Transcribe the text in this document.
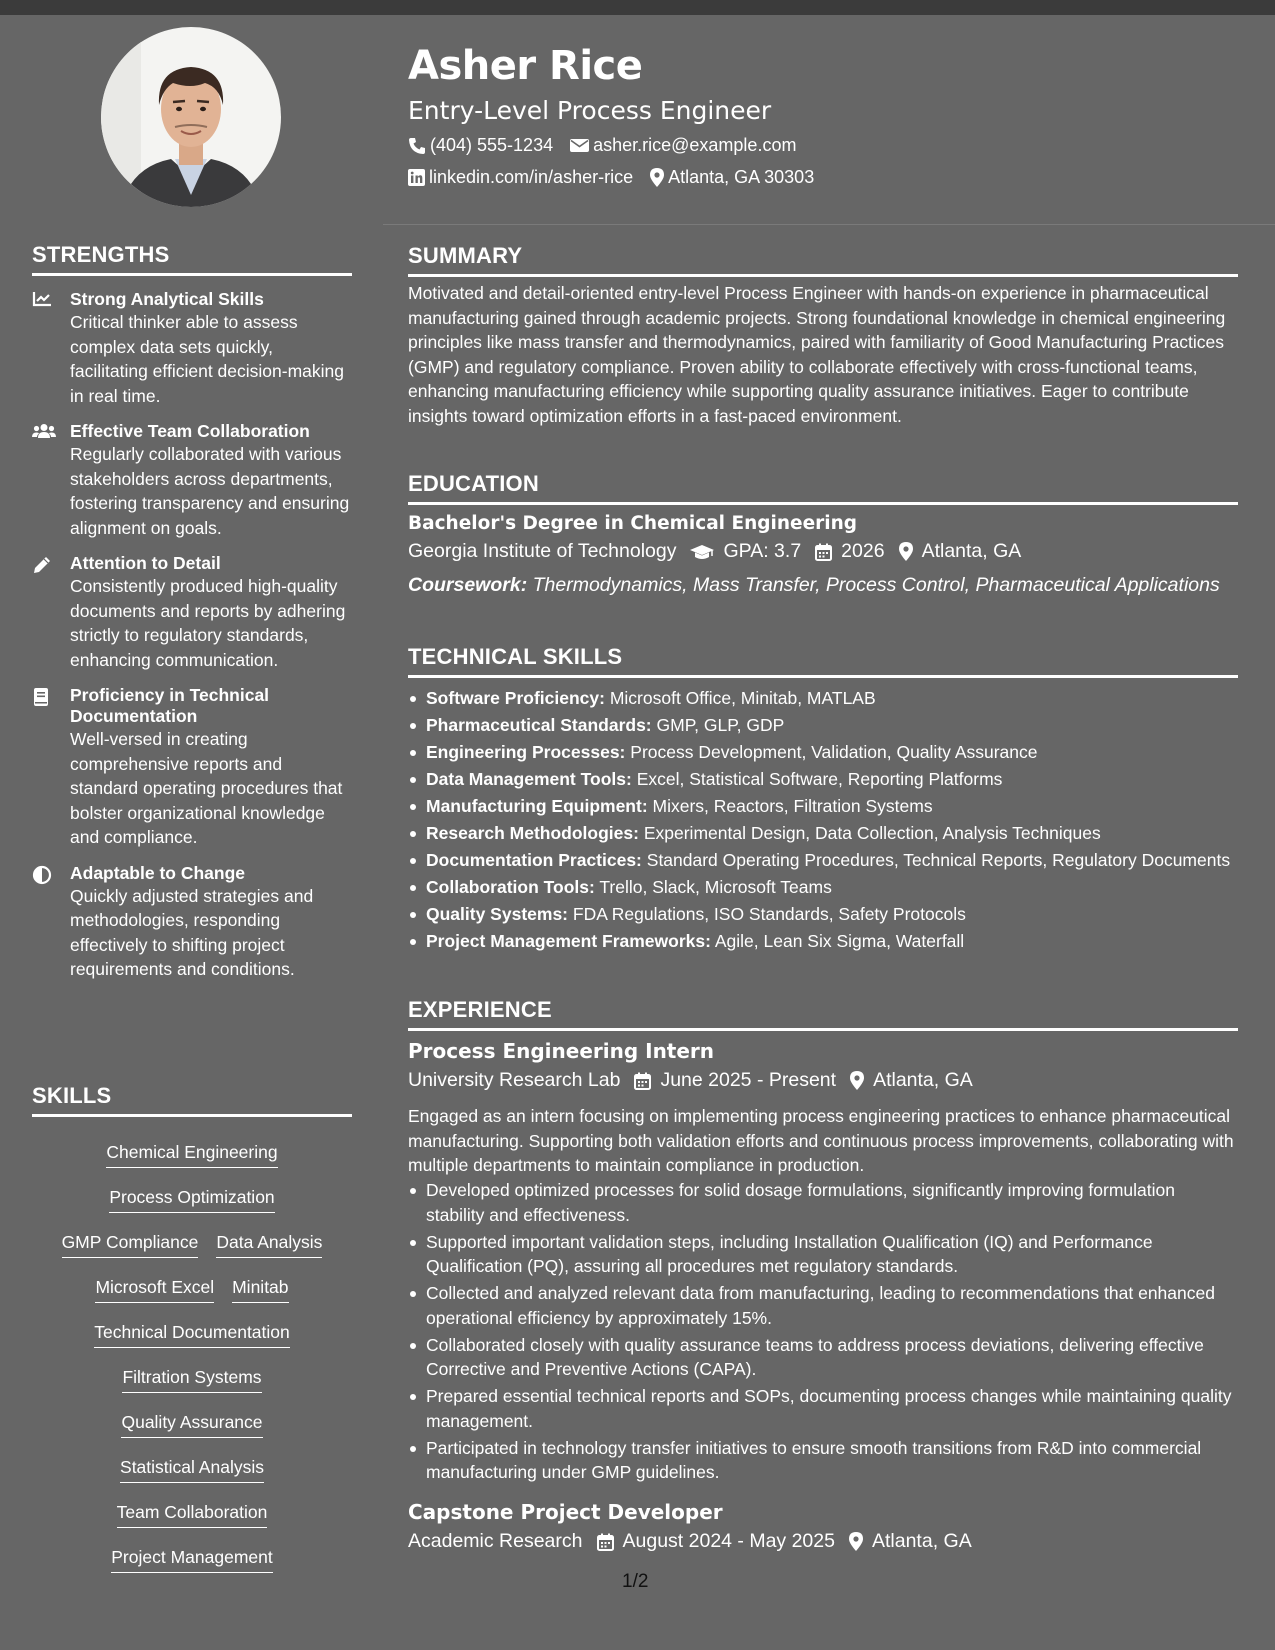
STRENGTHS
Strong Analytical Skills
Critical thinker able to assess complex data sets quickly, facilitating efficient decision-making in real time.
Effective Team Collaboration
Regularly collaborated with various stakeholders across departments, fostering transparency and ensuring alignment on goals.
Attention to Detail
Consistently produced high-quality documents and reports by adhering strictly to regulatory standards, enhancing communication.
Proficiency in Technical Documentation
Well-versed in creating comprehensive reports and standard operating procedures that bolster organizational knowledge and compliance.
Adaptable to Change
Quickly adjusted strategies and methodologies, responding effectively to shifting project requirements and conditions.
SKILLS
Chemical Engineering
Process Optimization
GMP Compliance Data Analysis
Microsoft Excel Minitab
Technical Documentation
Filtration Systems
Quality Assurance
Statistical Analysis
Team Collaboration
Project Management
Asher Rice
Entry-Level Process Engineer
(404) 555-1234 asher.rice@example.com
linkedin.com/in/asher-rice Atlanta, GA 30303
SUMMARY
Motivated and detail-oriented entry-level Process Engineer with hands-on experience in pharmaceutical manufacturing gained through academic projects. Strong foundational knowledge in chemical engineering principles like mass transfer and thermodynamics, paired with familiarity of Good Manufacturing Practices (GMP) and regulatory compliance. Proven ability to collaborate effectively with cross-functional teams, enhancing manufacturing efficiency while supporting quality assurance initiatives. Eager to contribute insights toward optimization efforts in a fast-paced environment.
EDUCATION
Bachelor's Degree in Chemical Engineering
Georgia Institute of Technology GPA: 3.7 2026 Atlanta, GA
Coursework: Thermodynamics, Mass Transfer, Process Control, Pharmaceutical Applications
TECHNICAL SKILLS
Software Proficiency: Microsoft Office, Minitab, MATLAB
Pharmaceutical Standards: GMP, GLP, GDP
Engineering Processes: Process Development, Validation, Quality Assurance
Data Management Tools: Excel, Statistical Software, Reporting Platforms
Manufacturing Equipment: Mixers, Reactors, Filtration Systems
Research Methodologies: Experimental Design, Data Collection, Analysis Techniques
Documentation Practices: Standard Operating Procedures, Technical Reports, Regulatory Documents
Collaboration Tools: Trello, Slack, Microsoft Teams
Quality Systems: FDA Regulations, ISO Standards, Safety Protocols
Project Management Frameworks: Agile, Lean Six Sigma, Waterfall
EXPERIENCE
Process Engineering Intern
University Research Lab June 2025 - Present Atlanta, GA
Engaged as an intern focusing on implementing process engineering practices to enhance pharmaceutical manufacturing. Supporting both validation efforts and continuous process improvements, collaborating with multiple departments to maintain compliance in production.
Developed optimized processes for solid dosage formulations, significantly improving formulation stability and effectiveness.
Supported important validation steps, including Installation Qualification (IQ) and Performance Qualification (PQ), assuring all procedures met regulatory standards.
Collected and analyzed relevant data from manufacturing, leading to recommendations that enhanced operational efficiency by approximately 15%.
Collaborated closely with quality assurance teams to address process deviations, delivering effective Corrective and Preventive Actions (CAPA).
Prepared essential technical reports and SOPs, documenting process changes while maintaining quality management.
Participated in technology transfer initiatives to ensure smooth transitions from R&D into commercial manufacturing under GMP guidelines.
Capstone Project Developer
Academic Research August 2024 - May 2025 Atlanta, GA
1/2
